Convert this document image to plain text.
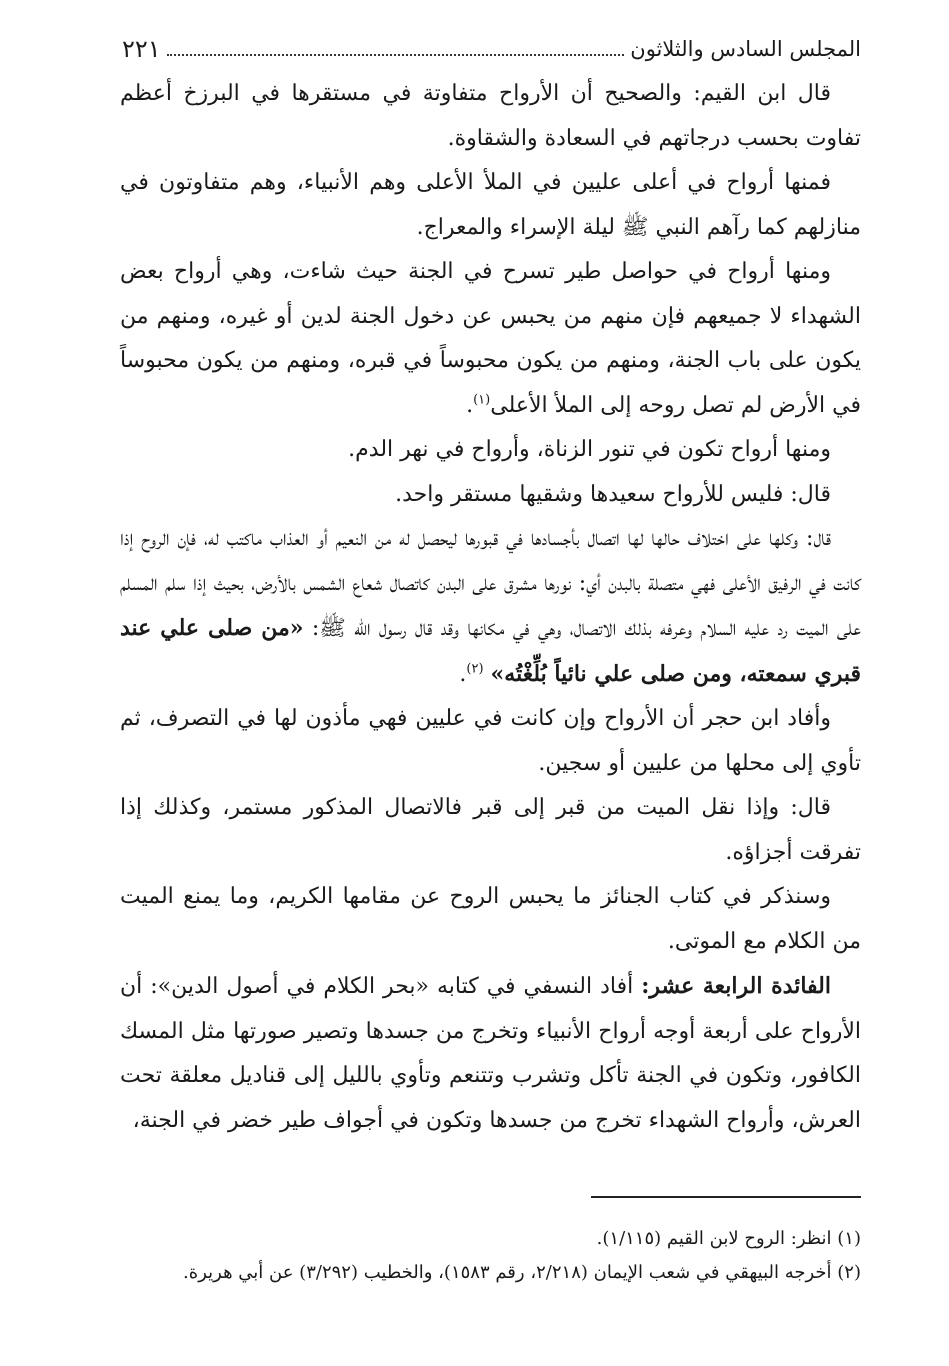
المجلس السادس والثلاثون
٢٢١

قال ابن القيم: والصحيح أن الأرواح متفاوتة في مستقرها في البرزخ أعظم تفاوت بحسب درجاتهم في السعادة والشقاوة.

فمنها أرواح في أعلى عليين في الملأ الأعلى وهم الأنبياء، وهم متفاوتون في منازلهم كما رآهم النبي ﷺ ليلة الإسراء والمعراج.

ومنها أرواح في حواصل طير تسرح في الجنة حيث شاءت، وهي أرواح بعض الشهداء لا جميعهم فإن منهم من يحبس عن دخول الجنة لدين أو غيره، ومنهم من يكون على باب الجنة، ومنهم من يكون محبوساً في قبره، ومنهم من يكون محبوساً في الأرض لم تصل روحه إلى الملأ الأعلى$^{(١)}$.

ومنها أرواح تكون في تنور الزناة، وأرواح في نهر الدم.

قال: فليس للأرواح سعيدها وشقيها مستقر واحد.

قال: وكلها على اختلاف حالها لها اتصال بأجسادها في قبورها ليحصل له من النعيم أو العذاب ماكتب له، فإن الروح إذا كانت في الرفيق الأعلى فهي متصلة بالبدن أي: نورها مشرق على البدن كاتصال شعاع الشمس بالأرض، بحيث إذا سلم المسلم على الميت رد عليه السلام وعرفه بذلك الاتصال، وهي في مكانها وقد قال رسول الله ﷺ: «من صلى علي عند قبري سمعته، ومن صلى علي نائياً بُلِّغْتُه» $^{(٢)}$.

وأفاد ابن حجر أن الأرواح وإن كانت في عليين فهي مأذون لها في التصرف، ثم تأوي إلى محلها من عليين أو سجين.

قال: وإذا نقل الميت من قبر إلى قبر فالاتصال المذكور مستمر، وكذلك إذا تفرقت أجزاؤه.

وسنذكر في كتاب الجنائز ما يحبس الروح عن مقامها الكريم، وما يمنع الميت من الكلام مع الموتى.

الفائدة الرابعة عشر: أفاد النسفي في كتابه «بحر الكلام في أصول الدين»: أن الأرواح على أربعة أوجه أرواح الأنبياء وتخرج من جسدها وتصير صورتها مثل المسك الكافور، وتكون في الجنة تأكل وتشرب وتتنعم وتأوي بالليل إلى قناديل معلقة تحت العرش، وأرواح الشهداء تخرج من جسدها وتكون في أجواف طير خضر في الجنة،

(١) انظر: الروح لابن القيم (١/١١٥).

(٢) أخرجه البيهقي في شعب الإيمان (٢/٢١٨، رقم ١٥٨٣)، والخطيب (٣/٢٩٢) عن أبي هريرة.
